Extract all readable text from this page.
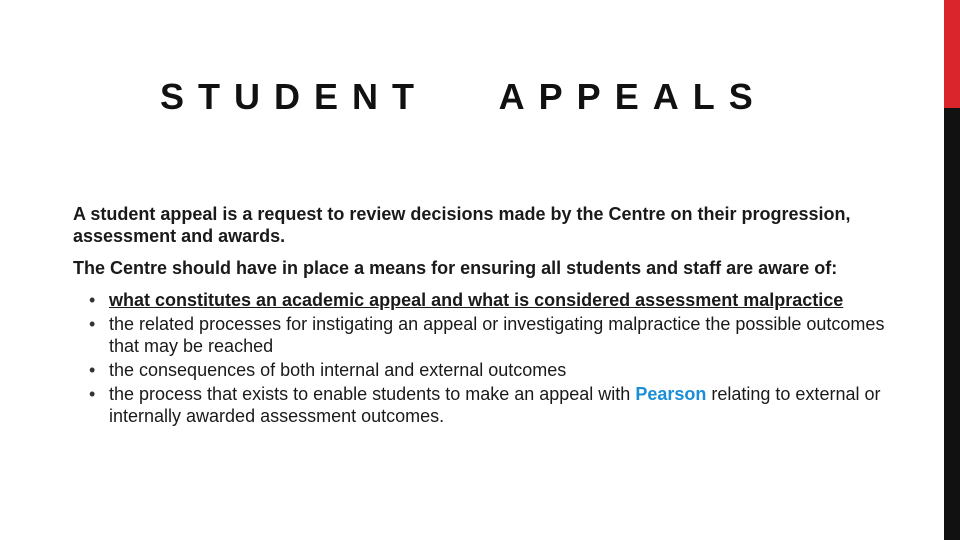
STUDENT   APPEALS

A student appeal is a request to review decisions made by the Centre on their progression, assessment and awards.

The Centre should have in place a means for ensuring all students and staff are aware of:

• what constitutes an academic appeal and what is considered assessment malpractice
• the related processes for instigating an appeal or investigating malpractice the possible outcomes that may be reached
• the consequences of both internal and external outcomes
• the process that exists to enable students to make an appeal with Pearson relating to external or internally awarded assessment outcomes.
